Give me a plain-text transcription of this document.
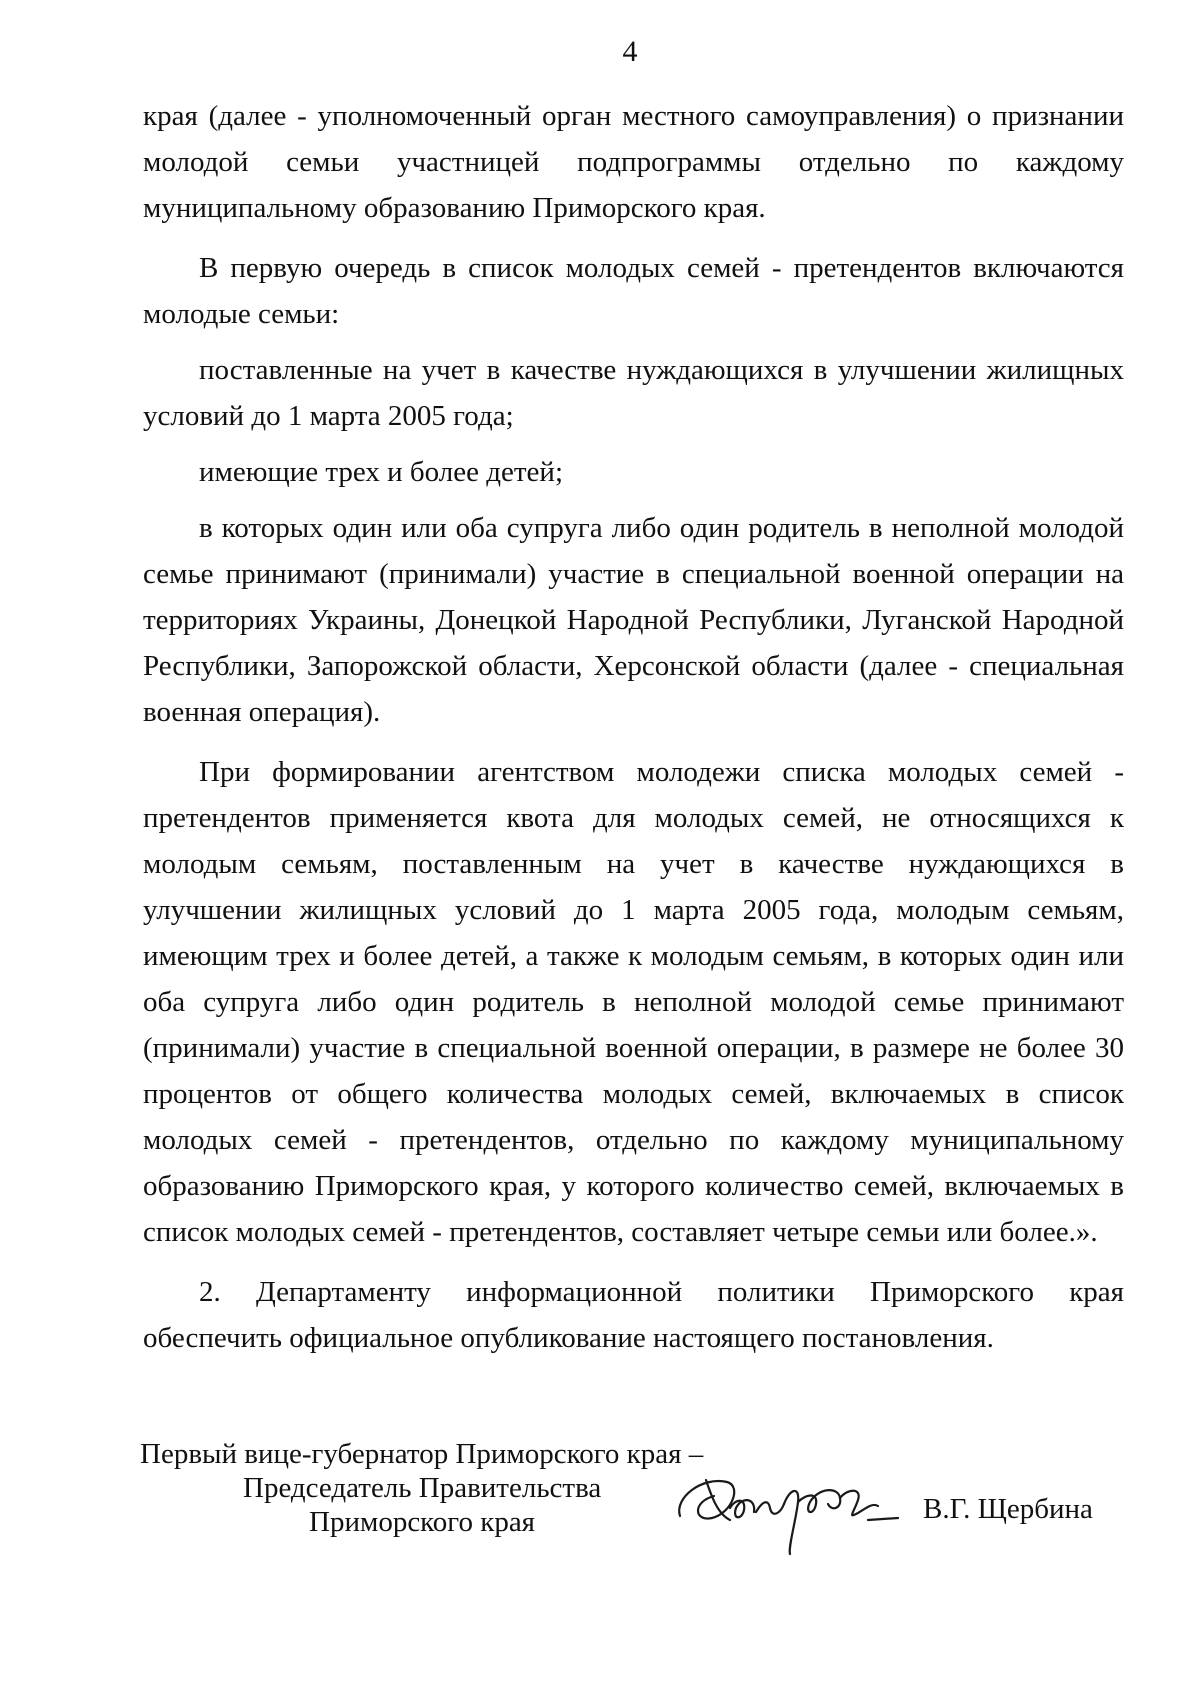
4

края (далее - уполномоченный орган местного самоуправления) о признании молодой семьи участницей подпрограммы отдельно по каждому муниципальному образованию Приморского края.

В первую очередь в список молодых семей - претендентов включаются молодые семьи:

поставленные на учет в качестве нуждающихся в улучшении жилищных условий до 1 марта 2005 года;

имеющие трех и более детей;

в которых один или оба супруга либо один родитель в неполной молодой семье принимают (принимали) участие в специальной военной операции на территориях Украины, Донецкой Народной Республики, Луганской Народной Республики, Запорожской области, Херсонской области (далее - специальная военная операция).

При формировании агентством молодежи списка молодых семей - претендентов применяется квота для молодых семей, не относящихся к молодым семьям, поставленным на учет в качестве нуждающихся в улучшении жилищных условий до 1 марта 2005 года, молодым семьям, имеющим трех и более детей, а также к молодым семьям, в которых один или оба супруга либо один родитель в неполной молодой семье принимают (принимали) участие в специальной военной операции, в размере не более 30 процентов от общего количества молодых семей, включаемых в список молодых семей - претендентов, отдельно по каждому муниципальному образованию Приморского края, у которого количество семей, включаемых в список молодых семей - претендентов, составляет четыре семьи или более.».

2. Департаменту информационной политики Приморского края обеспечить официальное опубликование настоящего постановления.

Первый вице-губернатор Приморского края –
Председатель Правительства
Приморского края	В.Г. Щербина
